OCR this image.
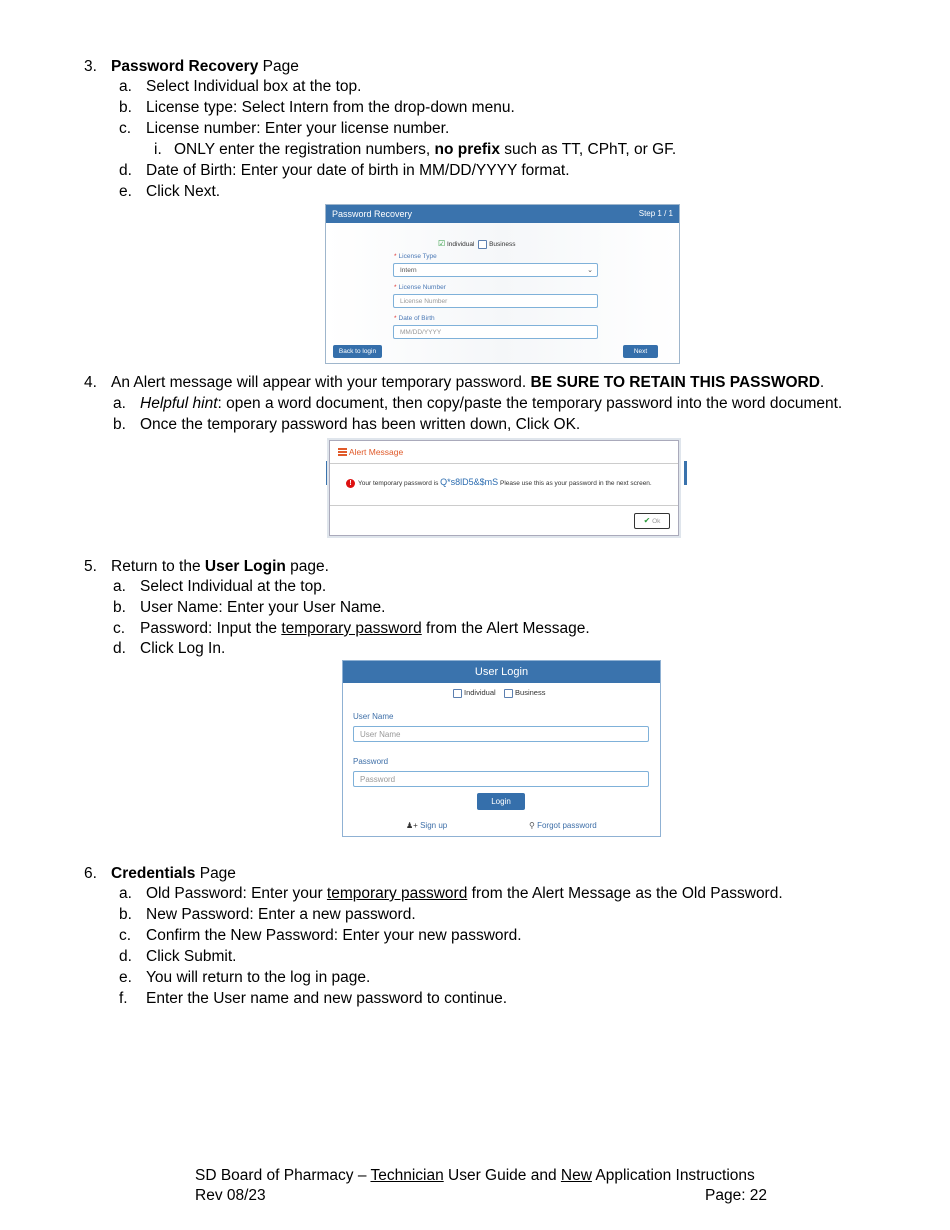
3. Password Recovery Page
a. Select Individual box at the top.
b. License type: Select Intern from the drop-down menu.
c. License number: Enter your license number.
i. ONLY enter the registration numbers, no prefix such as TT, CPhT, or GF.
d. Date of Birth: Enter your date of birth in MM/DD/YYYY format.
e. Click Next.
Password Recovery	Step 1 / 1
☑ Individual Business
* License Type
Intern	⌄
* License Number
License Number
* Date of Birth
MM/DD/YYYY
Back to login	Next
4. An Alert message will appear with your temporary password. BE SURE TO RETAIN THIS PASSWORD.
a. Helpful hint: open a word document, then copy/paste the temporary password into the word document.
b. Once the temporary password has been written down, Click OK.
Alert Message
! Your temporary password is Q*s8lD5&$mS Please use this as your password in the next screen.
✔ Ok
5. Return to the User Login page.
a. Select Individual at the top.
b. User Name: Enter your User Name.
c. Password: Input the temporary password from the Alert Message.
d. Click Log In.
User Login
Individual	Business
User Name
User Name
Password
Password
Login
♟+ Sign up	⚲ Forgot password
6. Credentials Page
a. Old Password: Enter your temporary password from the Alert Message as the Old Password.
b. New Password: Enter a new password.
c. Confirm the New Password: Enter your new password.
d. Click Submit.
e. You will return to the log in page.
f. Enter the User name and new password to continue.
SD Board of Pharmacy – Technician User Guide and New Application Instructions
Rev 08/23	Page: 22
